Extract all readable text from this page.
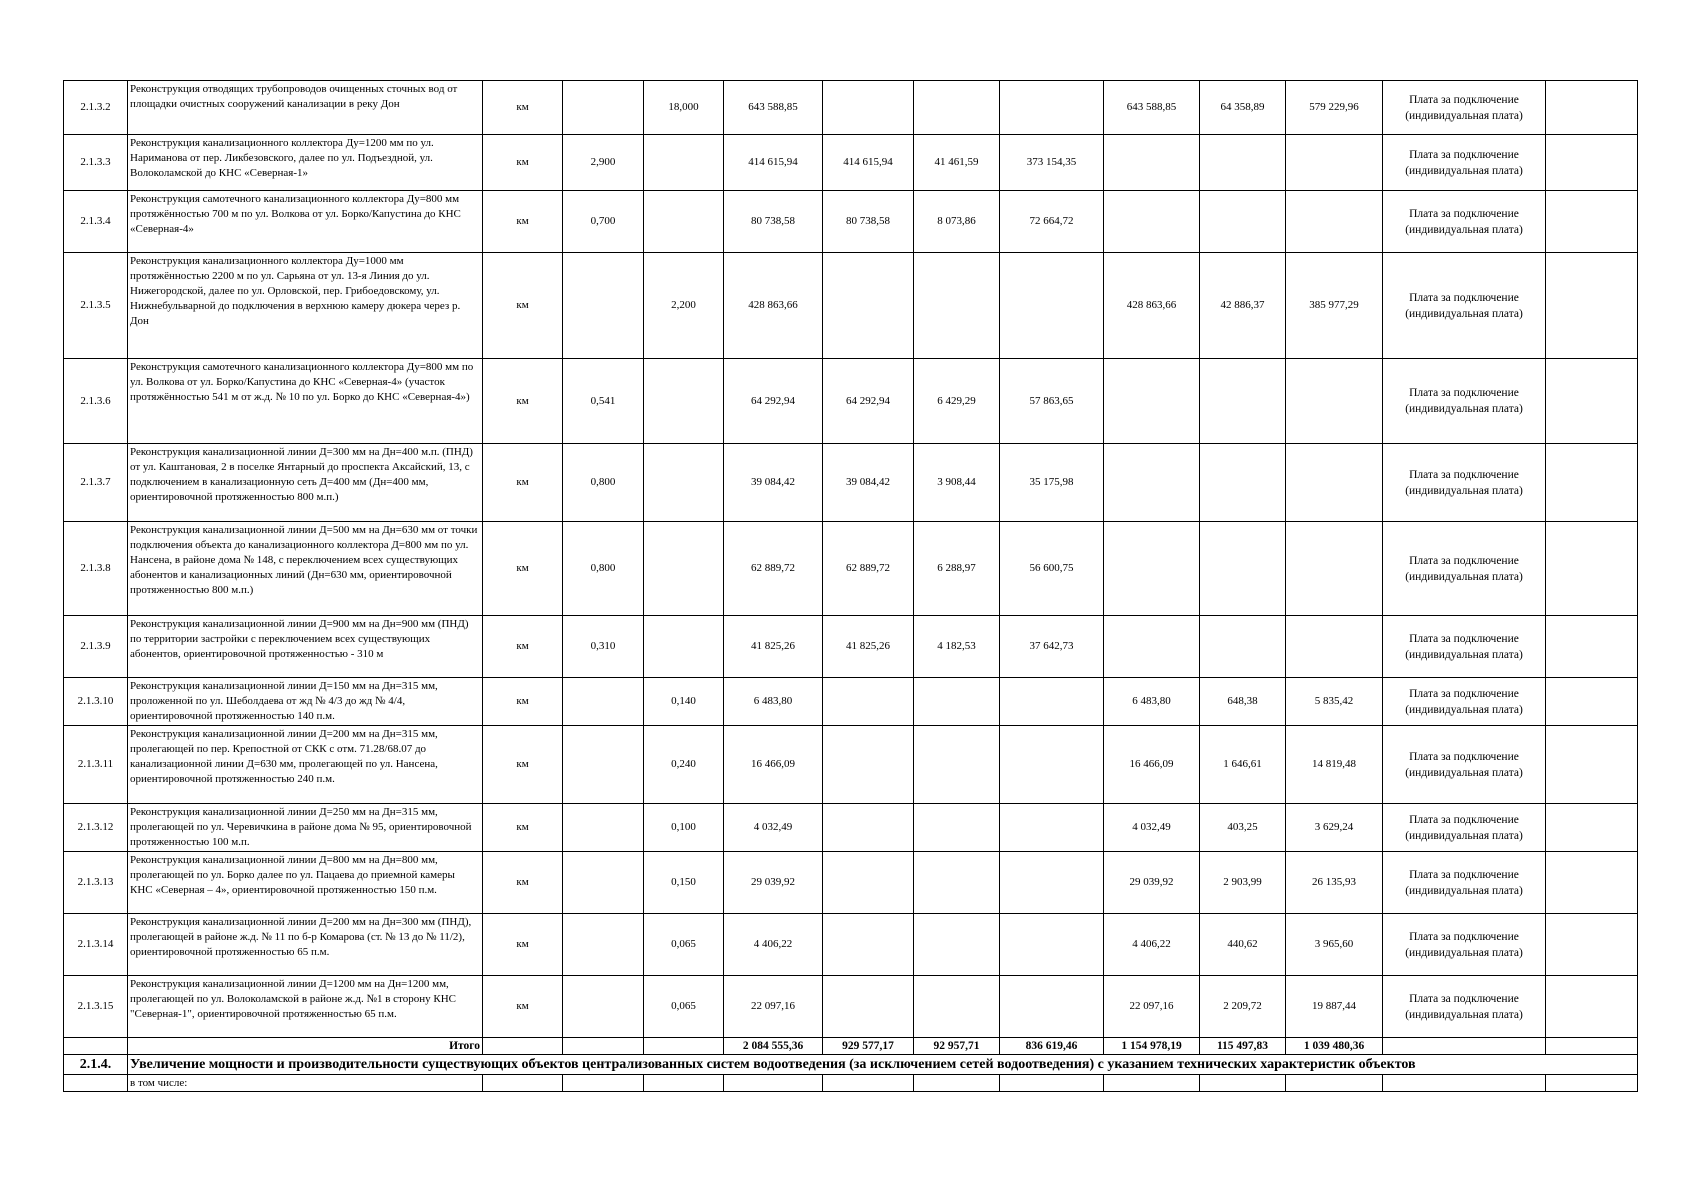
2.1.3.2	Реконструкция отводящих трубопроводов очищенных сточных вод от площадки очистных сооружений канализации в реку Дон	км		18,000	643 588,85				643 588,85	64 358,89	579 229,96	Плата за подключение (индивидуальная плата)	
2.1.3.3	Реконструкция канализационного коллектора Ду=1200 мм по ул. Нариманова от пер. Ликбезовского, далее по ул. Подъездной, ул. Волоколамской до КНС «Северная-1»	км	2,900		414 615,94	414 615,94	41 461,59	373 154,35				Плата за подключение (индивидуальная плата)	
2.1.3.4	Реконструкция самотечного канализационного коллектора Ду=800 мм протяжённостью 700 м по ул. Волкова от ул. Борко/Капустина до КНС «Северная-4»	км	0,700		80 738,58	80 738,58	8 073,86	72 664,72				Плата за подключение (индивидуальная плата)	
2.1.3.5	Реконструкция канализационного коллектора Ду=1000 мм протяжённостью 2200 м по ул. Сарьяна от ул. 13-я Линия до ул. Нижегородской, далее по ул. Орловской, пер. Грибоедовскому, ул. Нижнебульварной до подключения в верхнюю камеру дюкера через р. Дон	км		2,200	428 863,66				428 863,66	42 886,37	385 977,29	Плата за подключение (индивидуальная плата)	
2.1.3.6	Реконструкция самотечного канализационного коллектора Ду=800 мм по ул. Волкова от ул. Борко/Капустина до КНС «Северная-4» (участок протяжённостью 541 м от ж.д. № 10 по ул. Борко до КНС «Северная-4»)	км	0,541		64 292,94	64 292,94	6 429,29	57 863,65				Плата за подключение (индивидуальная плата)	
2.1.3.7	Реконструкция канализационной линии Д=300 мм на Дн=400 м.п. (ПНД) от ул. Каштановая, 2 в поселке Янтарный до проспекта Аксайский, 13, с подключением в канализационную сеть Д=400 мм (Дн=400 мм, ориентировочной протяженностью 800 м.п.)	км	0,800		39 084,42	39 084,42	3 908,44	35 175,98				Плата за подключение (индивидуальная плата)	
2.1.3.8	Реконструкция канализационной линии Д=500 мм на Дн=630 мм от точки подключения объекта до канализационного коллектора Д=800 мм по ул. Нансена, в районе дома № 148, с переключением всех существующих абонентов и канализационных линий (Дн=630 мм, ориентировочной протяженностью 800 м.п.)	км	0,800		62 889,72	62 889,72	6 288,97	56 600,75				Плата за подключение (индивидуальная плата)	
2.1.3.9	Реконструкция канализационной линии Д=900 мм на Дн=900 мм (ПНД) по территории застройки с переключением всех существующих абонентов, ориентировочной протяженностью - 310 м	км	0,310		41 825,26	41 825,26	4 182,53	37 642,73				Плата за подключение (индивидуальная плата)	
2.1.3.10	Реконструкция канализационной линии Д=150 мм на Дн=315 мм, проложенной по ул. Шеболдаева от жд № 4/3 до жд № 4/4, ориентировочной протяженностью 140 п.м.	км		0,140	6 483,80				6 483,80	648,38	5 835,42	Плата за подключение (индивидуальная плата)	
2.1.3.11	Реконструкция канализационной линии Д=200 мм на Дн=315 мм, пролегающей по пер. Крепостной от СКК с отм. 71.28/68.07 до канализационной линии Д=630 мм, пролегающей по ул. Нансена, ориентировочной протяженностью 240 п.м.	км		0,240	16 466,09				16 466,09	1 646,61	14 819,48	Плата за подключение (индивидуальная плата)	
2.1.3.12	Реконструкция канализационной линии Д=250 мм на Дн=315 мм, пролегающей по ул. Черевичкина в районе дома № 95, ориентировочной протяженностью 100 м.п.	км		0,100	4 032,49				4 032,49	403,25	3 629,24	Плата за подключение (индивидуальная плата)	
2.1.3.13	Реконструкция канализационной линии Д=800 мм на Дн=800 мм, пролегающей по ул. Борко далее по ул. Пацаева до приемной камеры КНС «Северная – 4», ориентировочной протяженностью 150 п.м.	км		0,150	29 039,92				29 039,92	2 903,99	26 135,93	Плата за подключение (индивидуальная плата)	
2.1.3.14	Реконструкция канализационной линии Д=200 мм на Дн=300 мм (ПНД), пролегающей в районе ж.д. № 11 по б-р Комарова (ст. № 13 до № 11/2), ориентировочной протяженностью 65 п.м.	км		0,065	4 406,22				4 406,22	440,62	3 965,60	Плата за подключение (индивидуальная плата)	
2.1.3.15	Реконструкция канализационной линии Д=1200 мм на Дн=1200 мм, пролегающей по ул. Волоколамской в районе ж.д. №1 в сторону КНС "Северная-1", ориентировочной протяженностью 65 п.м.	км		0,065	22 097,16				22 097,16	2 209,72	19 887,44	Плата за подключение (индивидуальная плата)	
	Итого				2 084 555,36	929 577,17	92 957,71	836 619,46	1 154 978,19	115 497,83	1 039 480,36		
2.1.4.	Увеличение мощности и производительности существующих объектов централизованных систем водоотведения (за исключением сетей водоотведения) с указанием технических характеристик объектов												
	в том числе:												
